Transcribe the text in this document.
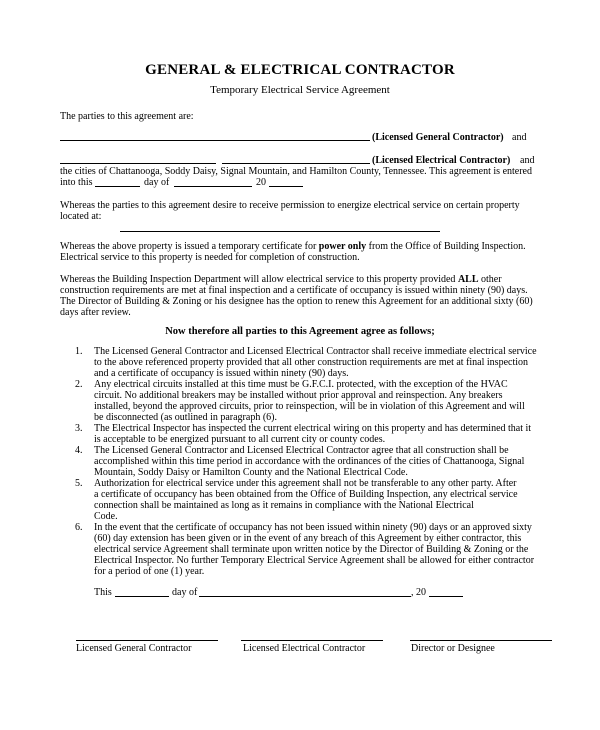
GENERAL & ELECTRICAL CONTRACTOR
Temporary Electrical Service Agreement
The parties to this agreement are:
(Licensed General Contractor) and
(Licensed Electrical Contractor) and
the cities of Chattanooga, Soddy Daisy, Signal Mountain, and Hamilton County, Tennessee. This agreement is entered
into this	day of	20
Whereas the parties to this agreement desire to receive permission to energize electrical service on certain property
located at:
Whereas the above property is issued a temporary certificate for power only from the Office of Building Inspection.
Electrical service to this property is needed for completion of construction.
Whereas the Building Inspection Department will allow electrical service to this property provided ALL other
construction requirements are met at final inspection and a certificate of occupancy is issued within ninety (90) days.
The Director of Building & Zoning or his designee has the option to renew this Agreement for an additional sixty (60)
days after review.
Now therefore all parties to this Agreement agree as follows;
1. The Licensed General Contractor and Licensed Electrical Contractor shall receive immediate electrical service
to the above referenced property provided that all other construction requirements are met at final inspection
and a certificate of occupancy is issued within ninety (90) days.
2. Any electrical circuits installed at this time must be G.F.C.I. protected, with the exception of the HVAC
circuit. No additional breakers may be installed without prior approval and reinspection. Any breakers
installed, beyond the approved circuits, prior to reinspection, will be in violation of this Agreement and will
be disconnected (as outlined in paragraph (6).
3. The Electrical Inspector has inspected the current electrical wiring on this property and has determined that it
is acceptable to be energized pursuant to all current city or county codes.
4. The Licensed General Contractor and Licensed Electrical Contractor agree that all construction shall be
accomplished within this time period in accordance with the ordinances of the cities of Chattanooga, Signal
Mountain, Soddy Daisy or Hamilton County and the National Electrical Code.
5. Authorization for electrical service under this agreement shall not be transferable to any other party. After
a certificate of occupancy has been obtained from the Office of Building Inspection, any electrical service
connection shall be maintained as long as it remains in compliance with the National Electrical
Code.
6. In the event that the certificate of occupancy has not been issued within ninety (90) days or an approved sixty
(60) day extension has been given or in the event of any breach of this Agreement by either contractor, this
electrical service Agreement shall terminate upon written notice by the Director of Building & Zoning or the
Electrical Inspector. No further Temporary Electrical Service Agreement shall be allowed for either contractor
for a period of one (1) year.
This	day of	, 20
Licensed General Contractor	Licensed Electrical Contractor	Director or Designee
